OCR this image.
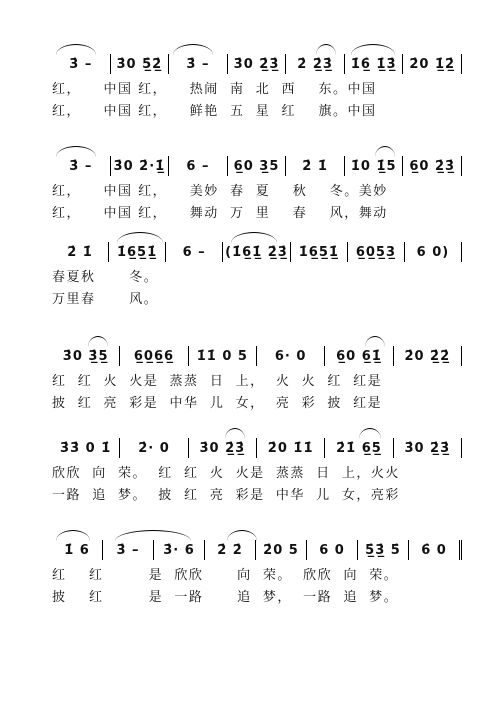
3̇ – 3̇0 5̲̇2̲̇ 3̇ – 3̇0 2̲̇3̲̇ 2̇ 2̲̇3̲̇ 1̇6̲̇ 1̲̇3̲̇ 2̇0 1̲̇2̲̇
红，    中国 红，    热闹  南  北  西    东。中国
红，    中国 红，    鲜艳  五  星  红    旗。中国
3̇ – 3̇0 2̇·1̲̇ 6 – 6̲0 3̲5 2̇ 1̇ 1̇0 1̲̇5 6̲0 2̲̇3̲̇
红，    中国 红，    美妙  春  夏    秋    冬。美妙
红，    中国 红，    舞动  万  里    春    风，舞动
2̇ 1̇ 1̇6̲5̲1̲̇ 6 – (1̇6̲1̲̇ 2̲̇3̲̇ 1̇6̲5̲1̲̇ 6̲0̲5̲3̲ 6 0)
春夏秋      冬。
万里春      风。
3̇0 3̲̇5̲ 6̲0̲6̲6̲ 1̇1̇ 0 5 6· 0 6̲0 6̲1̲̇ 2̇0 2̲̇2̲̇
红  红  火  火是  蒸蒸  日  上，  火  火  红  红是
披  红  亮  彩是  中华  儿  女，  亮  彩  披  红是
3̇3̇ 0 1̇ 2̇· 0 3̇0 2̲̇3̲̇ 2̇0 1̇1̇ 2̇1̇ 6̲5̲ 3̇0 2̲̇3̲̇
欣欣  向  荣。  红  红  火  火是  蒸蒸  日  上，火火
一路  追  梦。  披  红  亮  彩是  中华  儿  女，亮彩
1̇ 6 3̇ – 3̇· 6 2̇ 2̇ 2̇0 5 6 0 5̲̇3̲̇ 5̇ 6̇ 0
红    红        是  欣欣      向  荣。  欣欣  向  荣。
披    红        是  一路      追  梦，  一路  追  梦。
